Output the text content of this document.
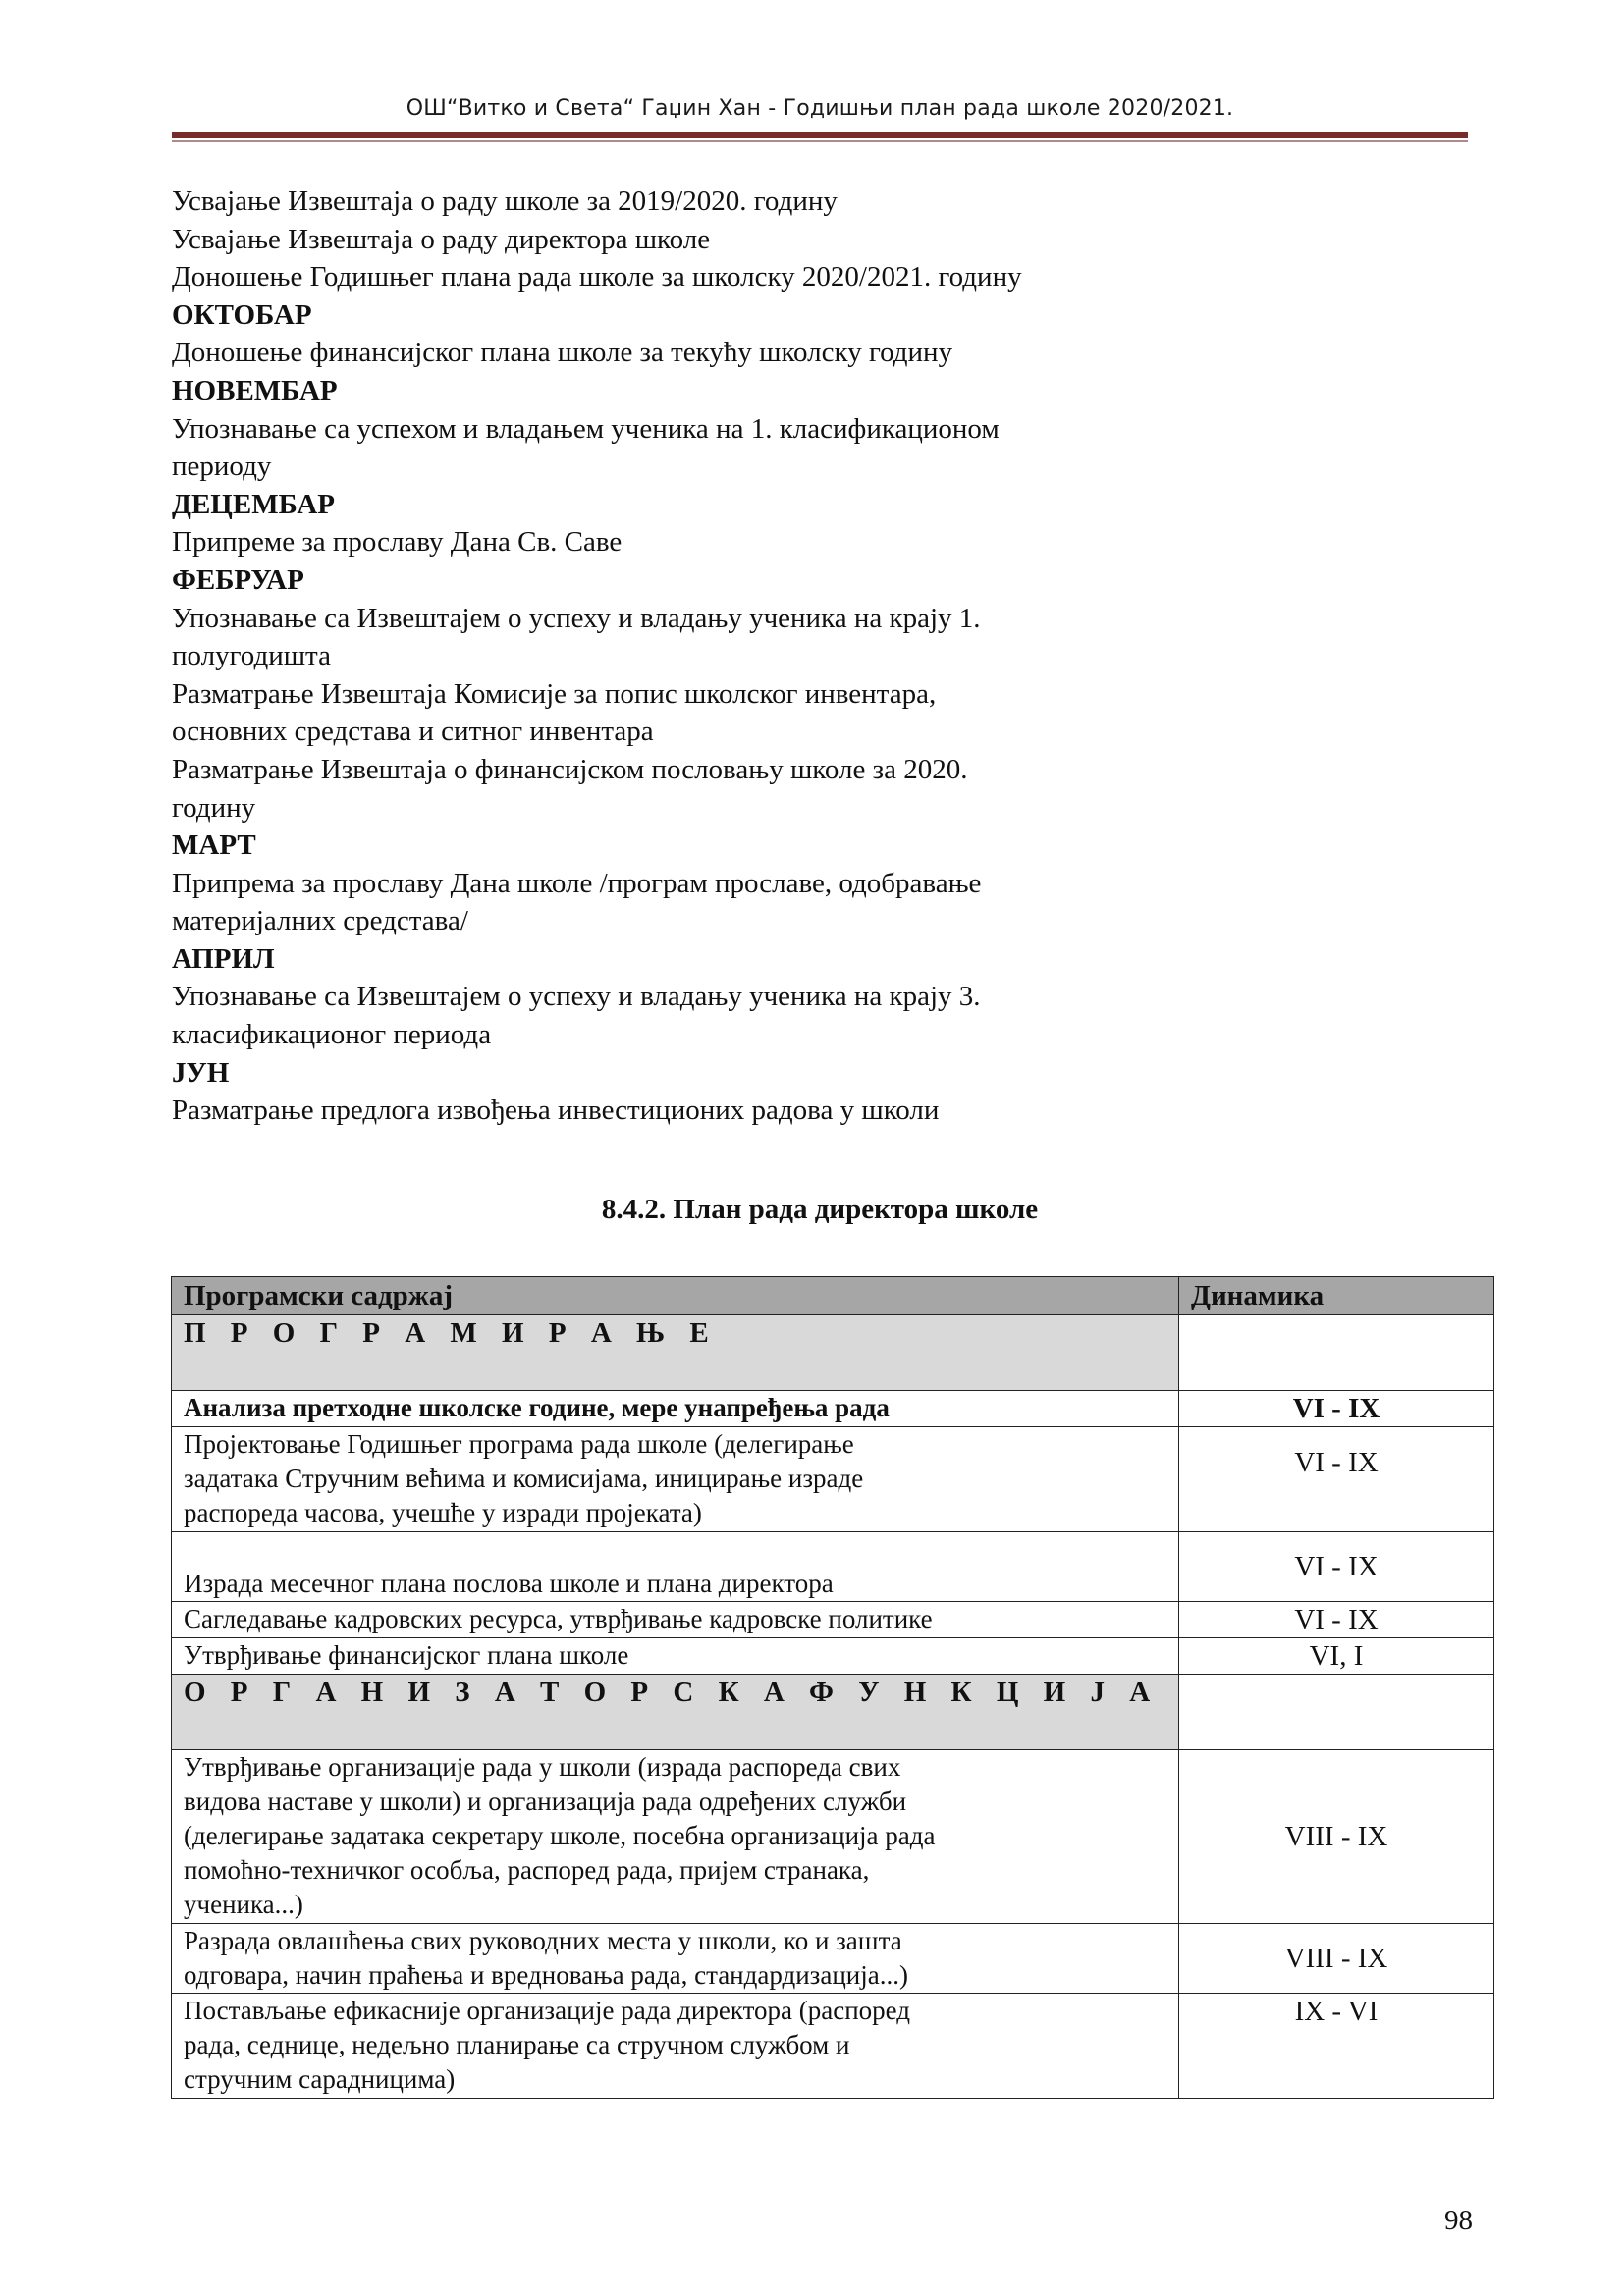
ОШ“Витко и Света“ Гаџин Хан - Годишњи план рада школе 2020/2021.
Усвајање Извештаја о раду школе за 2019/2020. годину
Усвајање Извештаја о раду директора школе
Доношење Годишњег плана рада школе за школску 2020/2021. годину
ОКТОБАР
Доношење финансијског плана школе за текућу школску годину
НОВЕМБАР
Упознавање са успехом и владањем ученика на 1. класификационом
периоду
ДЕЦЕМБАР
Припреме за прославу Дана Св. Саве
ФЕБРУАР
Упознавање са Извештајем о успеху и владању ученика на крају 1.
полугодишта
Разматрање Извештаја Комисије за попис школског инвентара,
основних средстава и ситног инвентара
Разматрање Извештаја о финансијском пословању школе за 2020.
годину
МАРТ
Припрема за прославу Дана школе /програм прославе, одобравање
материјалних средстава/
АПРИЛ
Упознавање са Извештајем о успеху и владању ученика на крају 3.
класификационог периода
ЈУН
Разматрање предлога извођења инвестиционих радова у школи
8.4.2. План рада директора школе
Програмски садржај	Динамика
П Р О Г Р А М И Р А Њ Е	
Анализа претходне школске године, мере унапређења рада	VI - IX

Пројектовање Годишњег програма рада школе (делегирање
задатака Стручним већима и комисијама, иницирање израде
распореда часова, учешће у изради пројеката)	VI - IX
Израда месечног плана послова школе и плана директора	VI - IX
Сагледавање кадровских ресурса, утврђивање кадровске политике	VI - IX
Утврђивање финансијског плана школе	VI, I
О Р Г А Н И З А Т О Р С К А Ф У Н К Ц И Ј А	

Утврђивање организације рада у школи (израда распореда свих
видова наставе у школи) и организација рада одређених служби
(делегирање задатака секретару школе, посебна организација рада
помоћно-техничког особља, распоред рада, пријем странака,
ученика...)	VIII - IX

Разрада овлашћења свих руководних места у школи, ко и зашта
одговара, начин праћења и вредновања рада, стандардизација...)	VIII - IX

Постављање ефикасније организације рада директора (распоред
рада, седнице, недељно планирање са стручном службом и
стручним сарадницима)	IX - VI
98
